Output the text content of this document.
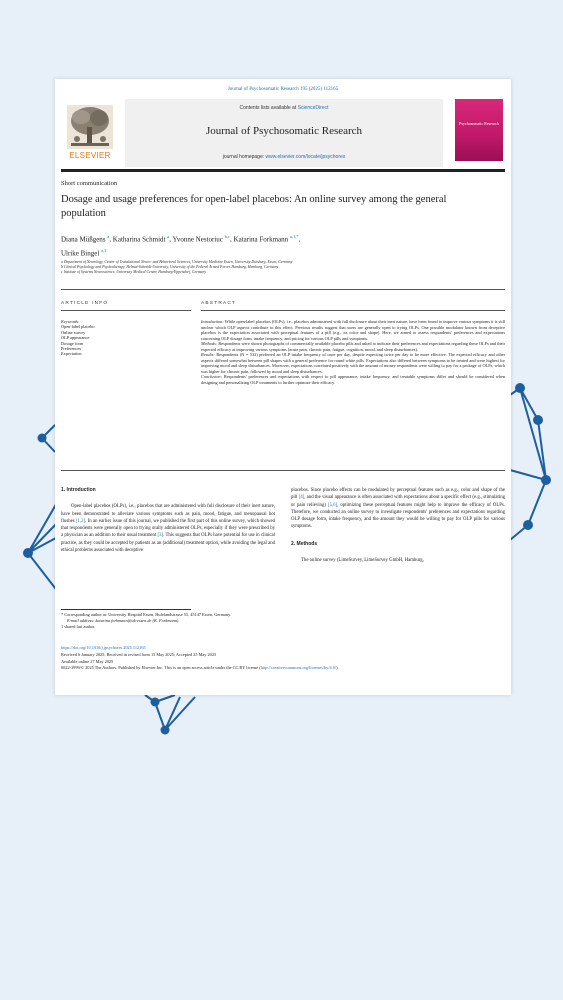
Journal of Psychosomatic Research 195 (2025) 112165
ELSEVIER
Contents lists available at ScienceDirect
Journal of Psychosomatic Research
journal homepage: www.elsevier.com/locate/jpsychores
Psychosomatic Research
Short communication
Dosage and usage preferences for open-label placebos: An online survey among the general population
Diana Müßgens $^a$, Katharina Schmidt $^a$, Yvonne Nestoriuc $^{b,c}$, Katarina Forkmann $^{a,1,*}$,
Ulrike Bingel $^{a,1}$
a Department of Neurology, Center of Translational Neuro- and Behavioral Sciences, University Medicine Essen, University Duisburg, Essen, Germany
b Clinical Psychology and Psychotherapy, Helmut-Schmidt-University, University of the Federal Armed Forces Hamburg, Hamburg, Germany
c Institute of Systems Neuroscience, University Medical Center, Hamburg-Eppendorf, Germany
ARTICLE INFO	ABSTRACT
Keywords:
Open-label placebo
Online survey
OLP appearance
Dosage form
Preferences
Expectation
Introduction: While open-label placebos (OLPs), i.e., placebos administered with full disclosure about their inert nature, have been found to improve various symptoms it is still unclear which OLP aspects contribute to this effect. Previous results suggest that users are generally open to trying OLPs. One possible modulator known from deceptive placebos is the expectation associated with perceptual features of a pill (e.g., its color and shape). Here, we aimed to assess respondents' preferences and expectations concerning OLP dosage form, intake frequency, and pricing for various OLP pills and symptoms.
Methods: Respondents were shown photographs of commercially available placebo pills and asked to indicate their preferences and expectations regarding these OLPs and their expected efficacy at improving various symptoms (acute pain, chronic pain, fatigue, cognition, mood, and sleep disturbances).
Results: Respondents (N = 532) preferred an OLP intake frequency of once per day, despite expecting twice per day to be more effective. The expected efficacy and other aspects differed somewhat between pill shapes with a general preference for round white pills. Expectations also differed between symptoms to be treated and were highest for improving mood and sleep disturbances. Moreover, expectations correlated positively with the amount of money respondents were willing to pay for a package of OLPs, which was higher for chronic pain, followed by mood and sleep disturbances.
Conclusion: Respondents' preferences and expectations with respect to pill appearance, intake frequency, and treatable symptoms differ and should be considered when designing and personalizing OLP treatments to further optimize their efficacy.
1. Introduction

Open-label placebos (OLPs), i.e., placebos that are administered with full disclosure of their inert nature, have been demonstrated to alleviate various symptoms such as pain, mood, fatigue, and menopausal hot flushes [1,2]. In an earlier issue of this journal, we published the first part of this online survey, which showed that respondents were generally open to trying orally administered OLPs, especially if they were prescribed by a physician as an addition to their usual treatment [3]. This suggests that OLPs have potential for use in clinical practice, as they could be accepted by patients as an (additional) treatment option, while avoiding the legal and ethical problems associated with deceptive

placebos. Since placebo effects can be modulated by perceptual features such as e.g., color and shape of the pill [4], and the visual appearance is often associated with expectations about a specific effect (e.g., stimulating or pain relieving) [5,6], optimizing these perceptual features might help to improve the efficacy of OLPs. Therefore, we conducted an online survey to investigate respondents' preferences and expectations regarding OLP dosage form, intake frequency, and the amount they would be willing to pay for OLP pills for various symptoms.

2. Methods

The online survey (LimeSurvey, LimeSurvey GmbH, Hamburg,

* Corresponding author at: University Hospital Essen, Hufelandstrasse 55, 45147 Essen, Germany.
E-mail address: katarina.forkmann@uk-essen.de (K. Forkmann).
1 shared last author.
https://doi.org/10.1016/j.jpsychores.2025.112165
Received 6 January 2025; Received in revised form 15 May 2025; Accepted 25 May 2025
Available online 27 May 2025
0022-3999/© 2025 The Authors. Published by Elsevier Inc. This is an open access article under the CC BY license (http://creativecommons.org/licenses/by/4.0/).
